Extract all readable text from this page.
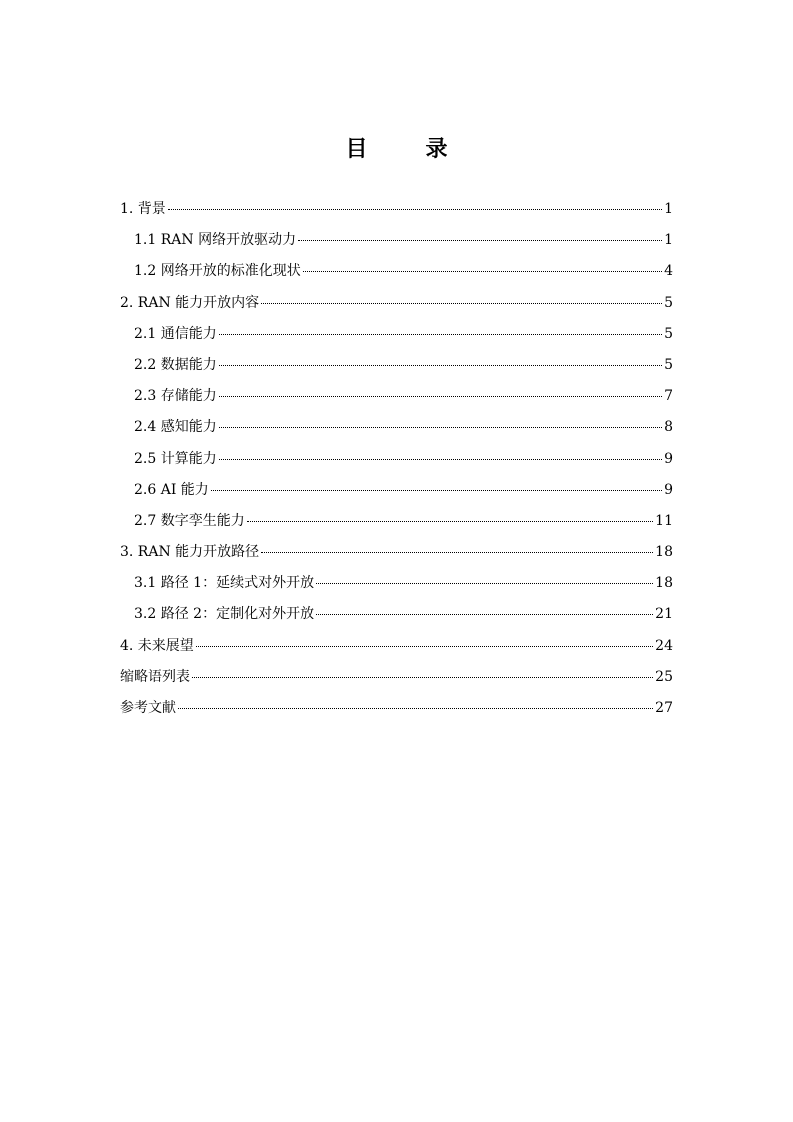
目　录
1. 背景	1
1.1 RAN 网络开放驱动力	1
1.2 网络开放的标准化现状	4
2. RAN 能力开放内容	5
2.1 通信能力	5
2.2 数据能力	5
2.3 存储能力	7
2.4 感知能力	8
2.5 计算能力	9
2.6 AI 能力	9
2.7 数字孪生能力	11
3. RAN 能力开放路径	18
3.1 路径 1：延续式对外开放	18
3.2 路径 2：定制化对外开放	21
4. 未来展望	24
缩略语列表	25
参考文献	27
